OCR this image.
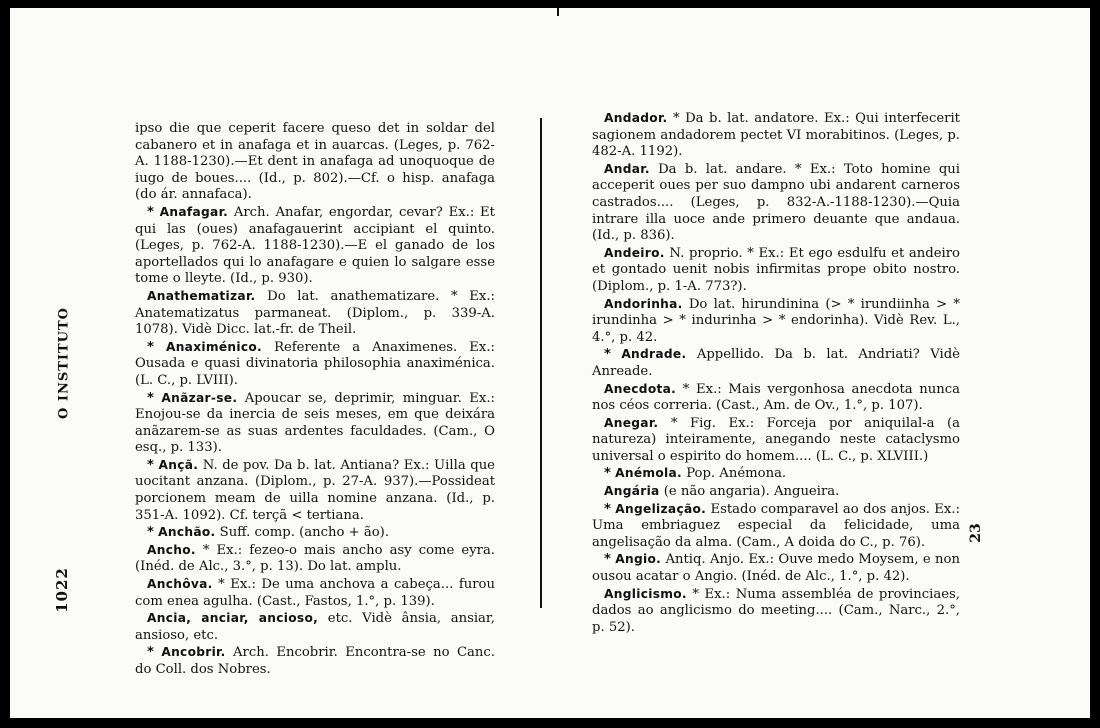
O INSTITUTO
1022
23

ipso die que ceperit facere queso det in soldar del cabanero et in anafaga et in auarcas. (Leges, p. 762-A. 1188-1230).—Et dent in anafaga ad unoquoque de iugo de boues.... (Id., p. 802).—Cf. o hisp. anafaga (do ár. annafaca).

* Anafagar. Arch. Anafar, engordar, cevar? Ex.: Et qui las (oues) anafagauerint accipiant el quinto. (Leges, p. 762-A. 1188-1230).—E el ganado de los aportellados qui lo anafagare e quien lo salgare esse tome o lleyte. (Id., p. 930).

Anathematizar. Do lat. anathematizare. * Ex.: Anatematizatus parmaneat. (Diplom., p. 339-A. 1078). Vidè Dicc. lat.-fr. de Theil.

* Anaximénico. Referente a Anaximenes. Ex.: Ousada e quasi divinatoria philosophia anaximénica. (L. C., p. LVIII).

* Anãzar-se. Apoucar se, deprimir, minguar. Ex.: Enojou-se da inercia de seis meses, em que deixára anãzarem-se as suas ardentes faculdades. (Cam., O esq., p. 133).

* Ançã. N. de pov. Da b. lat. Antiana? Ex.: Uilla que uocitant anzana. (Diplom., p. 27-A. 937).—Possideat porcionem meam de uilla nomine anzana. (Id., p. 351-A. 1092). Cf. terçã < tertiana.

* Anchão. Suff. comp. (ancho + ão).

Ancho. * Ex.: fezeo-o mais ancho asy come eyra. (Inéd. de Alc., 3.°, p. 13). Do lat. amplu.

Anchôva. * Ex.: De uma anchova a cabeça... furou com enea agulha. (Cast., Fastos, 1.°, p. 139).

Ancia, anciar, ancioso, etc. Vidè ânsia, ansiar, ansioso, etc.

* Ancobrir. Arch. Encobrir. Encontra-se no Canc. do Coll. dos Nobres.

Andador. * Da b. lat. andatore. Ex.: Qui interfecerit sagionem andadorem pectet VI morabitinos. (Leges, p. 482-A. 1192).

Andar. Da b. lat. andare. * Ex.: Toto homine qui acceperit oues per suo dampno ubi andarent carneros castrados.... (Leges, p. 832-A.-1188-1230).—Quia intrare illa uoce ande primero deuante que andaua. (Id., p. 836).

Andeiro. N. proprio. * Ex.: Et ego esdulfu et andeiro et gontado uenit nobis infirmitas prope obito nostro. (Diplom., p. 1-A. 773?).

Andorinha. Do lat. hirundinina (> * irundiinha > * irundinha > * indurinha > * endorinha). Vidè Rev. L., 4.°, p. 42.

* Andrade. Appellido. Da b. lat. Andriati? Vidè Anreade.

Anecdota. * Ex.: Mais vergonhosa anecdota nunca nos céos correria. (Cast., Am. de Ov., 1.°, p. 107).

Anegar. * Fig. Ex.: Forceja por aniquilal-a (a natureza) inteiramente, anegando neste cataclysmo universal o espirito do homem.... (L. C., p. XLVIII.)

* Anémola. Pop. Anémona.

Angária (e não angaria). Angueira.

* Angelização. Estado comparavel ao dos anjos. Ex.: Uma embriaguez especial da felicidade, uma angelisação da alma. (Cam., A doida do C., p. 76).

* Angio. Antiq. Anjo. Ex.: Ouve medo Moysem, e non ousou acatar o Angio. (Inéd. de Alc., 1.°, p. 42).

Anglicismo. * Ex.: Numa assembléa de provinciaes, dados ao anglicismo do meeting.... (Cam., Narc., 2.°, p. 52).
